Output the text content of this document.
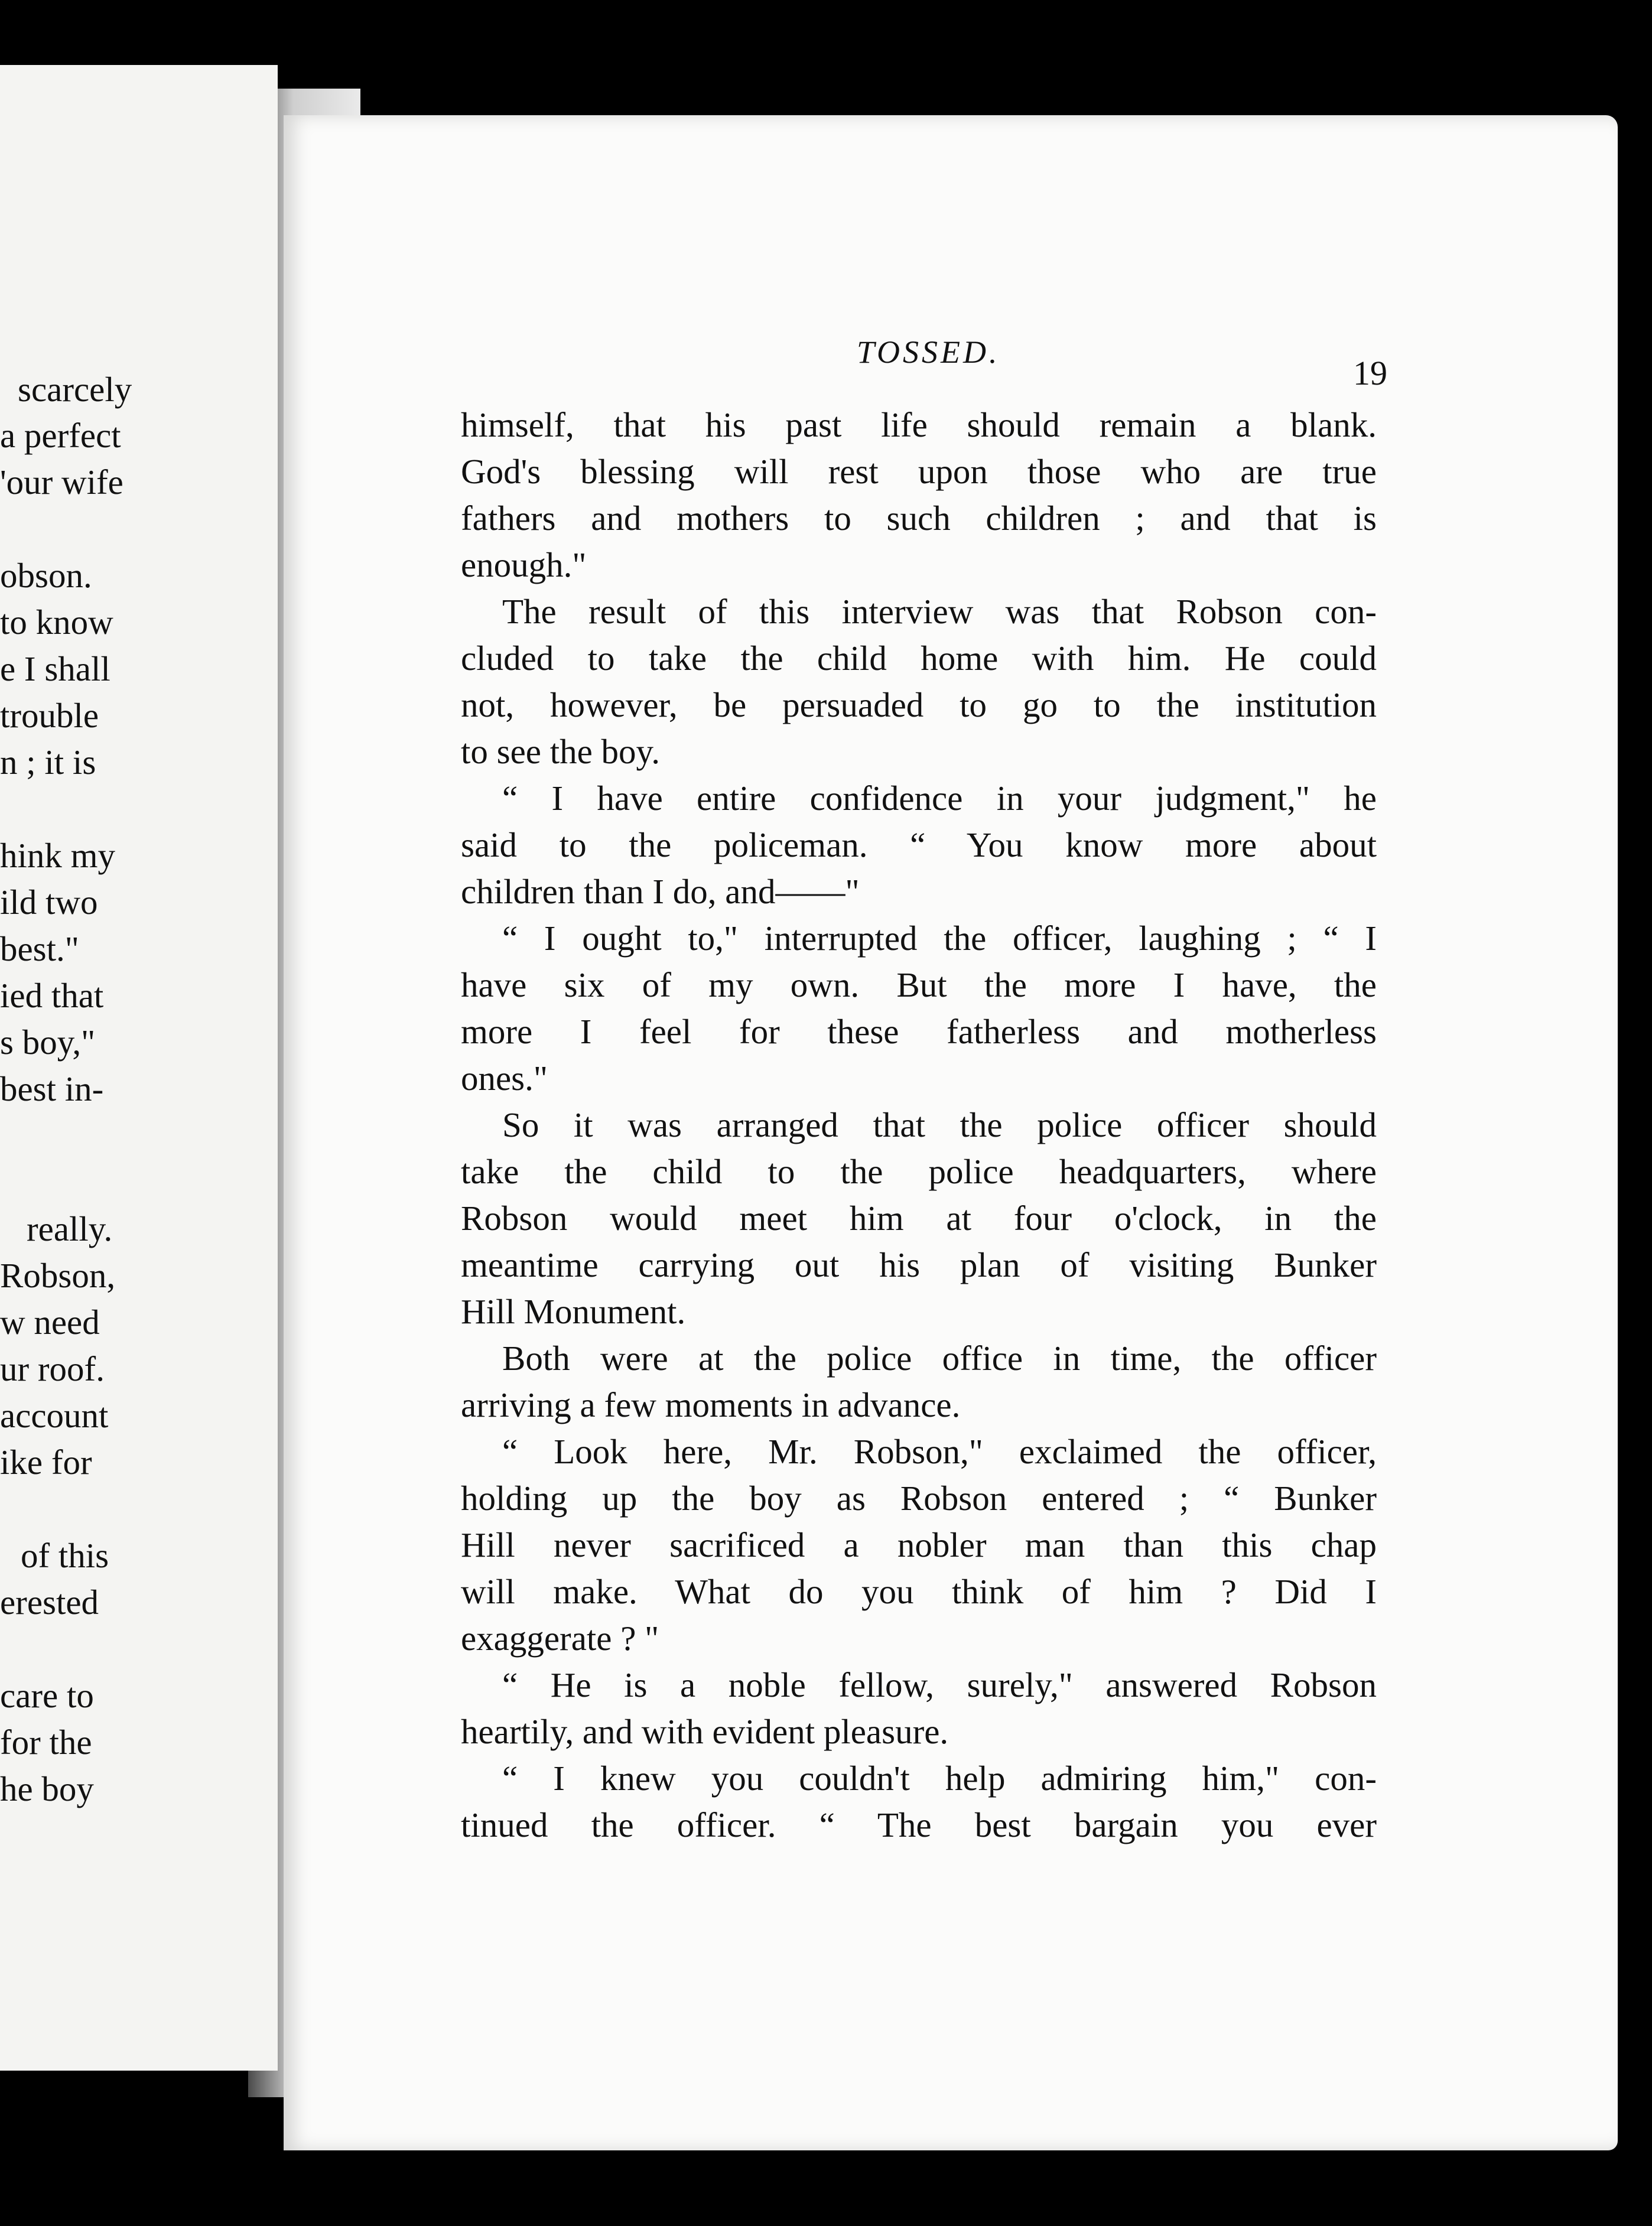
scarcely
a perfect
'our wife
obson.
to know
e I shall
trouble
n ; it is
hink my
ild two
best."
ied that
s boy,"
best in-
really.
Robson,
w need
ur roof.
account
ike for
of this
erested
care to
for the
he boy
TOSSED.
19
himself, that his past life should remain a blank.
God's blessing will rest upon those who are true
fathers and mothers to such children ; and that is
enough."
The result of this interview was that Robson con-
cluded to take the child home with him. He could
not, however, be persuaded to go to the institution
to see the boy.
“ I have entire confidence in your judgment," he
said to the policeman. “ You know more about
children than I do, and——"
“ I ought to," interrupted the officer, laughing ; “ I
have six of my own. But the more I have, the
more I feel for these fatherless and motherless
ones."
So it was arranged that the police officer should
take the child to the police headquarters, where
Robson would meet him at four o'clock, in the
meantime carrying out his plan of visiting Bunker
Hill Monument.
Both were at the police office in time, the officer
arriving a few moments in advance.
“ Look here, Mr. Robson," exclaimed the officer,
holding up the boy as Robson entered ; “ Bunker
Hill never sacrificed a nobler man than this chap
will make. What do you think of him ? Did I
exaggerate ? "
“ He is a noble fellow, surely," answered Robson
heartily, and with evident pleasure.
“ I knew you couldn't help admiring him," con-
tinued the officer. “ The best bargain you ever
